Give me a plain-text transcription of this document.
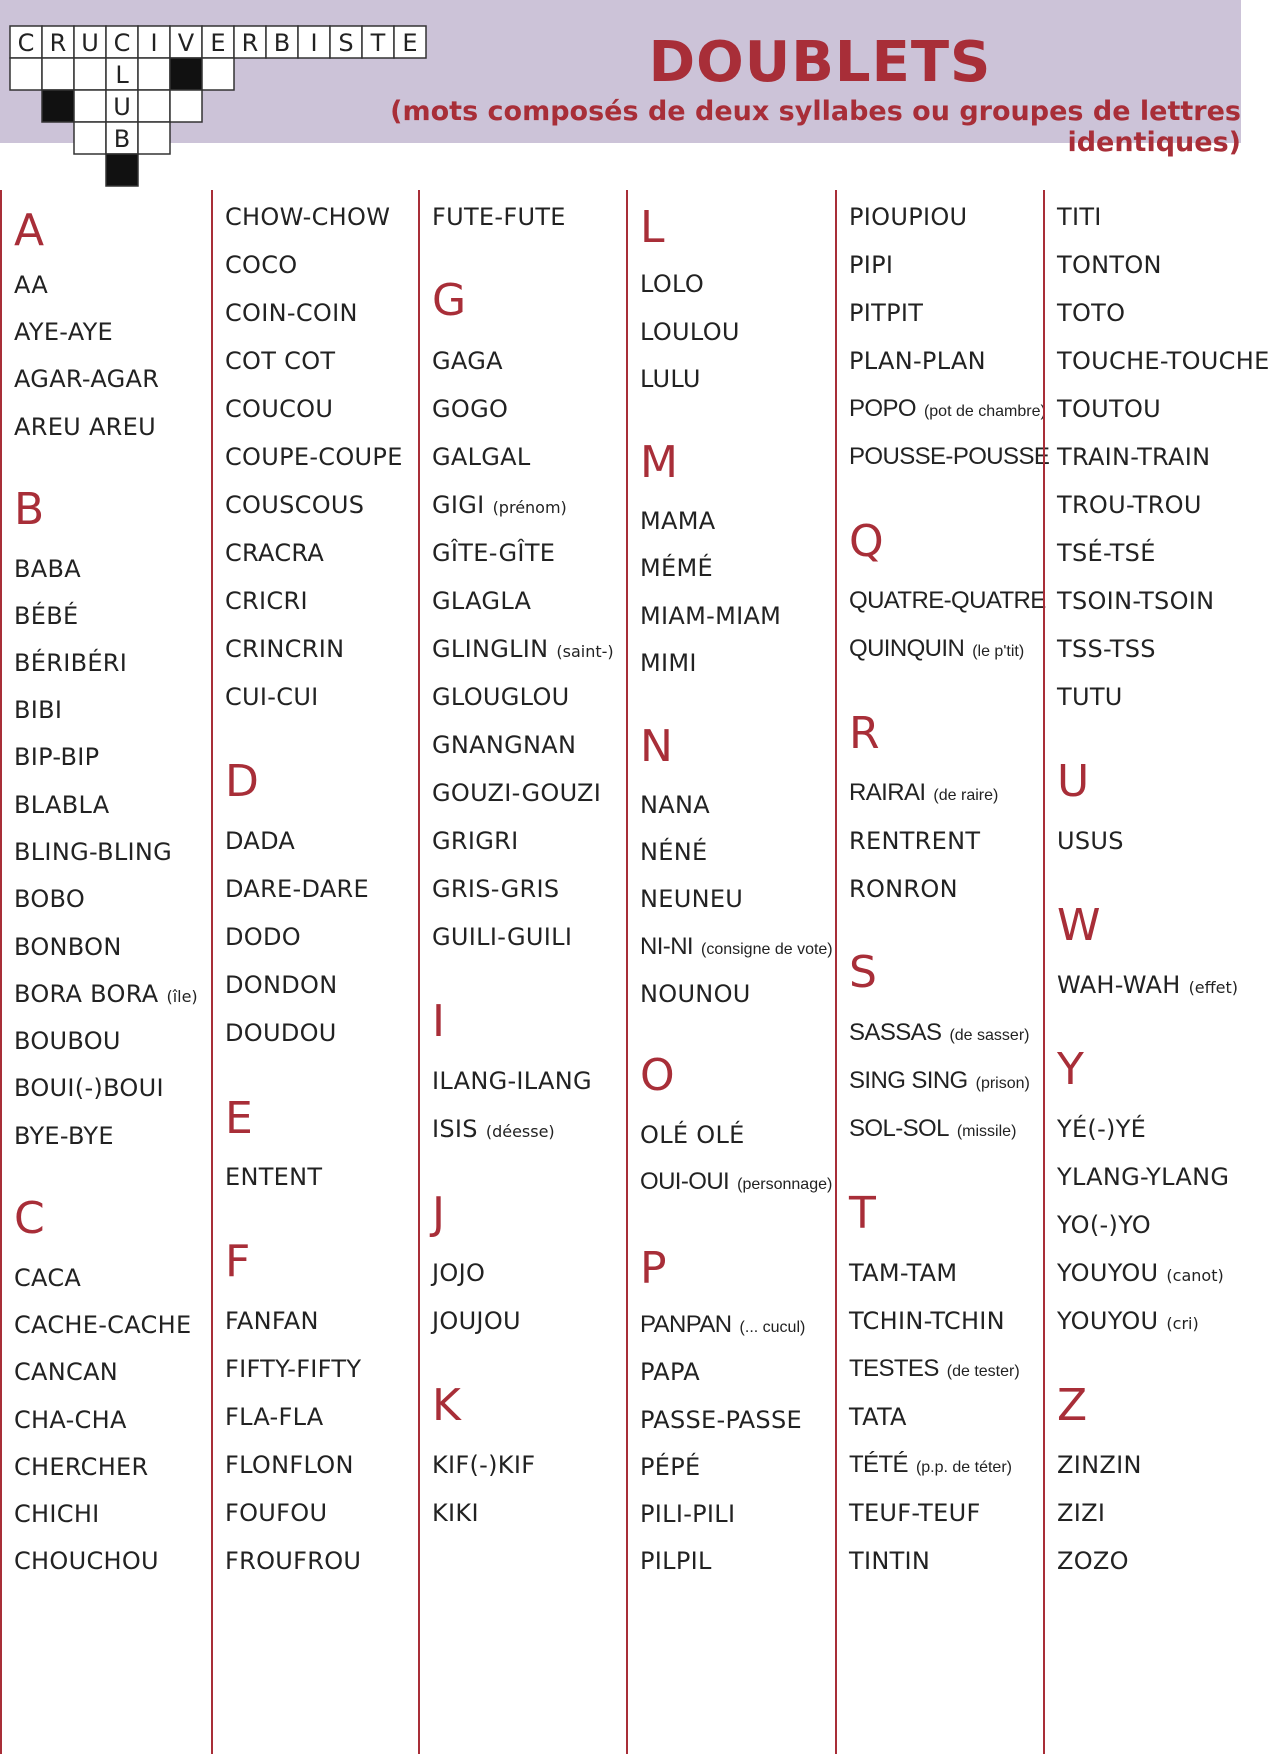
C R U C I V E R B I S T E
L
U
B
DOUBLETS

(mots composés de deux syllabes ou groupes de lettres identiques)

A
AA
AYE-AYE
AGAR-AGAR
AREU AREU
B
BABA
BÉBÉ
BÉRIBÉRI
BIBI
BIP-BIP
BLABLA
BLING-BLING
BOBO
BONBON
BORA BORA (île)
BOUBOU
BOUI(-)BOUI
BYE-BYE
C
CACA
CACHE-CACHE
CANCAN
CHA-CHA
CHERCHER
CHICHI
CHOUCHOU
CHOW-CHOW
COCO
COIN-COIN
COT COT
COUCOU
COUPE-COUPE
COUSCOUS
CRACRA
CRICRI
CRINCRIN
CUI-CUI
D
DADA
DARE-DARE
DODO
DONDON
DOUDOU
E
ENTENT
F
FANFAN
FIFTY-FIFTY
FLA-FLA
FLONFLON
FOUFOU
FROUFROU
FUTE-FUTE
G
GAGA
GOGO
GALGAL
GIGI (prénom)
GÎTE-GÎTE
GLAGLA
GLINGLIN (saint-)
GLOUGLOU
GNANGNAN
GOUZI-GOUZI
GRIGRI
GRIS-GRIS
GUILI-GUILI
I
ILANG-ILANG
ISIS (déesse)
J
JOJO
JOUJOU
K
KIF(-)KIF
KIKI
L
LOLO
LOULOU
LULU
M
MAMA
MÉMÉ
MIAM-MIAM
MIMI
N
NANA
NÉNÉ
NEUNEU
NI-NI (consigne de vote)
NOUNOU
O
OLÉ OLÉ
OUI-OUI (personnage)
P
PANPAN (... cucul)
PAPA
PASSE-PASSE
PÉPÉ
PILI-PILI
PILPIL
PIOUPIOU
PIPI
PITPIT
PLAN-PLAN
POPO (pot de chambre)
POUSSE-POUSSE
Q
QUATRE-QUATRE
QUINQUIN (le p'tit)
R
RAIRAI (de raire)
RENTRENT
RONRON
S
SASSAS (de sasser)
SING SING (prison)
SOL-SOL (missile)
T
TAM-TAM
TCHIN-TCHIN
TESTES (de tester)
TATA
TÉTÉ (p.p. de téter)
TEUF-TEUF
TINTIN
TITI
TONTON
TOTO
TOUCHE-TOUCHE
TOUTOU
TRAIN-TRAIN
TROU-TROU
TSÉ-TSÉ
TSOIN-TSOIN
TSS-TSS
TUTU
U
USUS
W
WAH-WAH (effet)
Y
YÉ(-)YÉ
YLANG-YLANG
YO(-)YO
YOUYOU (canot)
YOUYOU (cri)
Z
ZINZIN
ZIZI
ZOZO
